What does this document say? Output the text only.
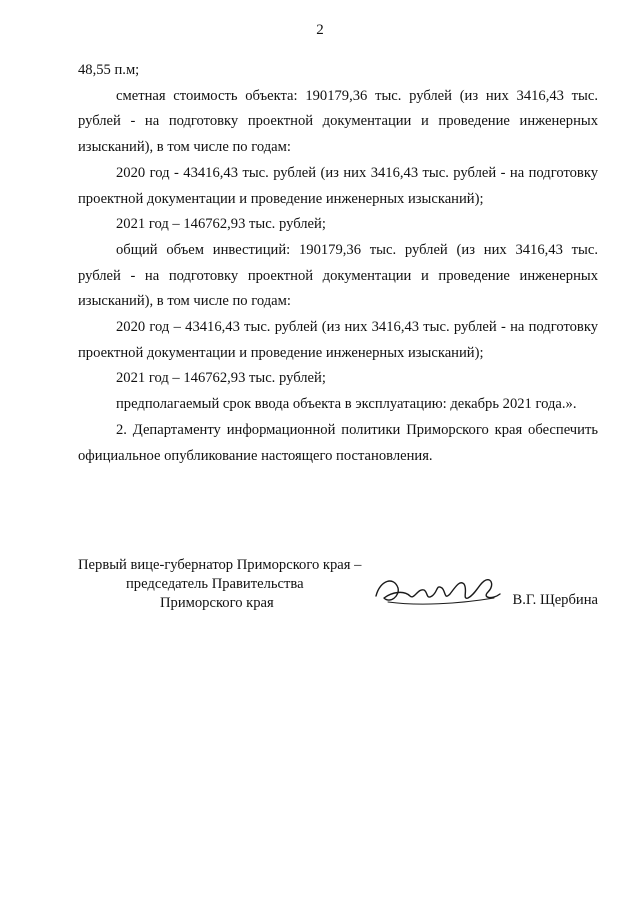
2

48,55 п.м;

сметная стоимость объекта: 190179,36 тыс. рублей (из них 3416,43 тыс. рублей - на подготовку проектной документации и проведение инженерных изысканий), в том числе по годам:

2020 год - 43416,43 тыс. рублей (из них 3416,43 тыс. рублей - на подготовку проектной документации и проведение инженерных изысканий);

2021 год – 146762,93 тыс. рублей;

общий объем инвестиций: 190179,36 тыс. рублей (из них 3416,43 тыс. рублей - на подготовку проектной документации и проведение инженерных изысканий), в том числе по годам:

2020 год – 43416,43 тыс. рублей (из них 3416,43 тыс. рублей - на подготовку проектной документации и проведение инженерных изысканий);

2021 год – 146762,93 тыс. рублей;

предполагаемый срок ввода объекта в эксплуатацию: декабрь 2021 года.».

2. Департаменту информационной политики Приморского края обеспечить официальное опубликование настоящего постановления.

Первый вице-губернатор Приморского края –
председатель Правительства
Приморского края	В.Г. Щербина
